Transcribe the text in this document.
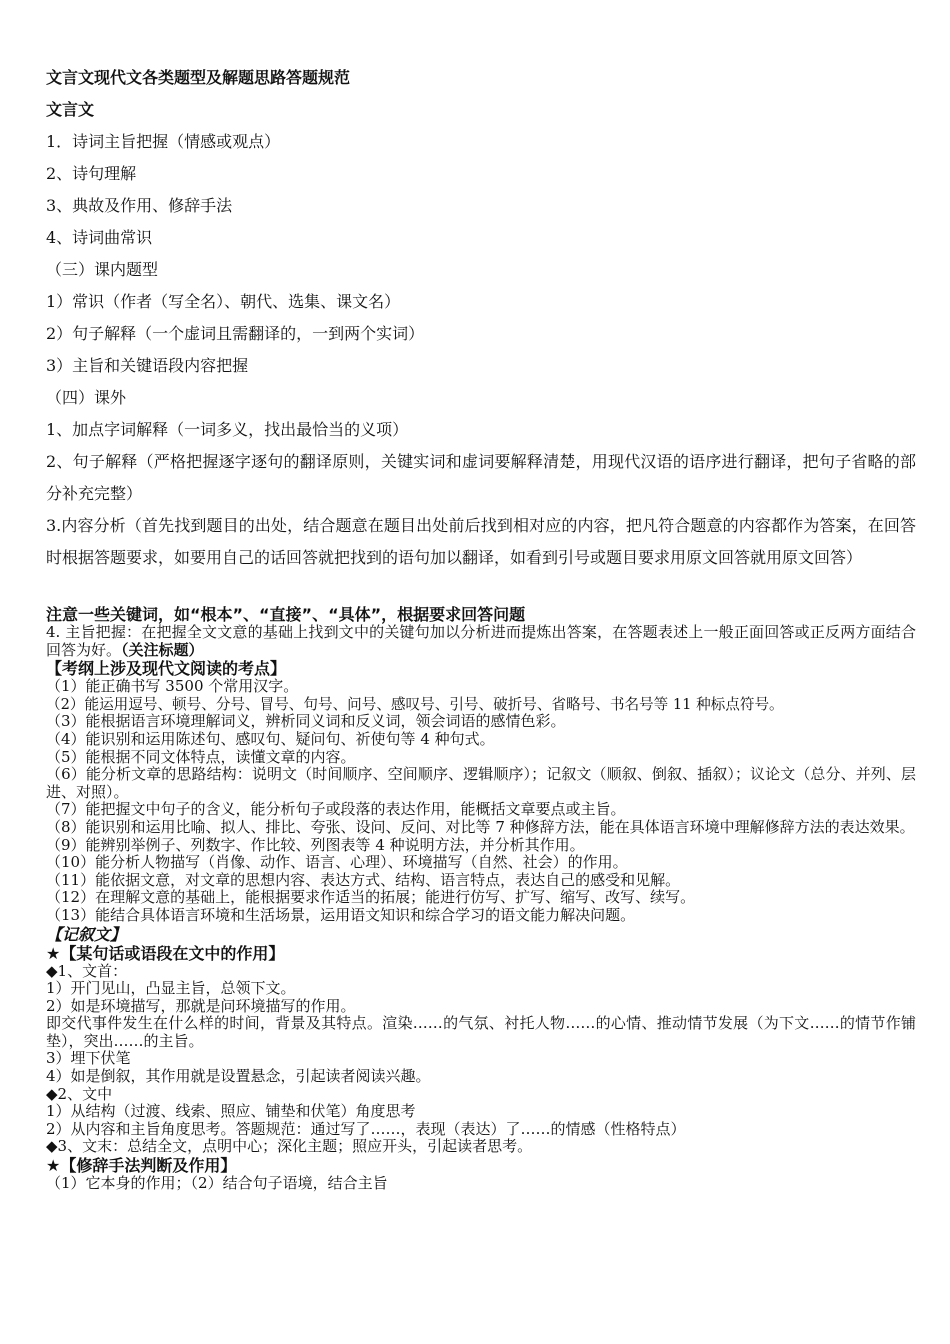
文言文现代文各类题型及解题思路答题规范
文言文
1．诗词主旨把握（情感或观点）
2、诗句理解
3、典故及作用、修辞手法
4、诗词曲常识
（三）课内题型
1）常识（作者（写全名）、朝代、选集、课文名）
2）句子解释（一个虚词且需翻译的，一到两个实词）
3）主旨和关键语段内容把握
（四）课外
1、加点字词解释（一词多义，找出最恰当的义项）
2、句子解释（严格把握逐字逐句的翻译原则，关键实词和虚词要解释清楚，用现代汉语的语序进行翻译，把句子省略的部分补充完整）
3.内容分析（首先找到题目的出处，结合题意在题目出处前后找到相对应的内容，把凡符合题意的内容都作为答案，在回答时根据答题要求，如要用自己的话回答就把找到的语句加以翻译，如看到引号或题目要求用原文回答就用原文回答）
注意一些关键词，如“根本”、“直接”、“具体”，根据要求回答问题
4. 主旨把握：在把握全文文意的基础上找到文中的关键句加以分析进而提炼出答案，在答题表述上一般正面回答或正反两方面结合回答为好。（关注标题）
【考纲上涉及现代文阅读的考点】
（1）能正确书写 3500 个常用汉字。
（2）能运用逗号、顿号、分号、冒号、句号、问号、感叹号、引号、破折号、省略号、书名号等 11 种标点符号。
（3）能根据语言环境理解词义，辨析同义词和反义词，领会词语的感情色彩。
（4）能识别和运用陈述句、感叹句、疑问句、祈使句等 4 种句式。
（5）能根据不同文体特点，读懂文章的内容。
（6）能分析文章的思路结构：说明文（时间顺序、空间顺序、逻辑顺序）；记叙文（顺叙、倒叙、插叙）；议论文（总分、并列、层进、对照）。
（7）能把握文中句子的含义，能分析句子或段落的表达作用，能概括文章要点或主旨。
（8）能识别和运用比喻、拟人、排比、夸张、设问、反问、对比等 7 种修辞方法，能在具体语言环境中理解修辞方法的表达效果。
（9）能辨别举例子、列数字、作比较、列图表等 4 种说明方法，并分析其作用。
（10）能分析人物描写（肖像、动作、语言、心理）、环境描写（自然、社会）的作用。
（11）能依据文意，对文章的思想内容、表达方式、结构、语言特点，表达自己的感受和见解。
（12）在理解文意的基础上，能根据要求作适当的拓展；能进行仿写、扩写、缩写、改写、续写。
（13）能结合具体语言环境和生活场景，运用语文知识和综合学习的语文能力解决问题。
【记叙文】
★【某句话或语段在文中的作用】
◆1、文首：
1）开门见山，凸显主旨，总领下文。
2）如是环境描写，那就是问环境描写的作用。
即交代事件发生在什么样的时间，背景及其特点。渲染……的气氛、衬托人物……的心情、推动情节发展（为下文……的情节作铺垫），突出……的主旨。
3）埋下伏笔
4）如是倒叙，其作用就是设置悬念，引起读者阅读兴趣。
◆2、文中
1）从结构（过渡、线索、照应、铺垫和伏笔）角度思考
2）从内容和主旨角度思考。答题规范：通过写了……，表现（表达）了……的情感（性格特点）
◆3、文末：总结全文，点明中心；深化主题；照应开头，引起读者思考。
★【修辞手法判断及作用】
（1）它本身的作用；（2）结合句子语境，结合主旨
